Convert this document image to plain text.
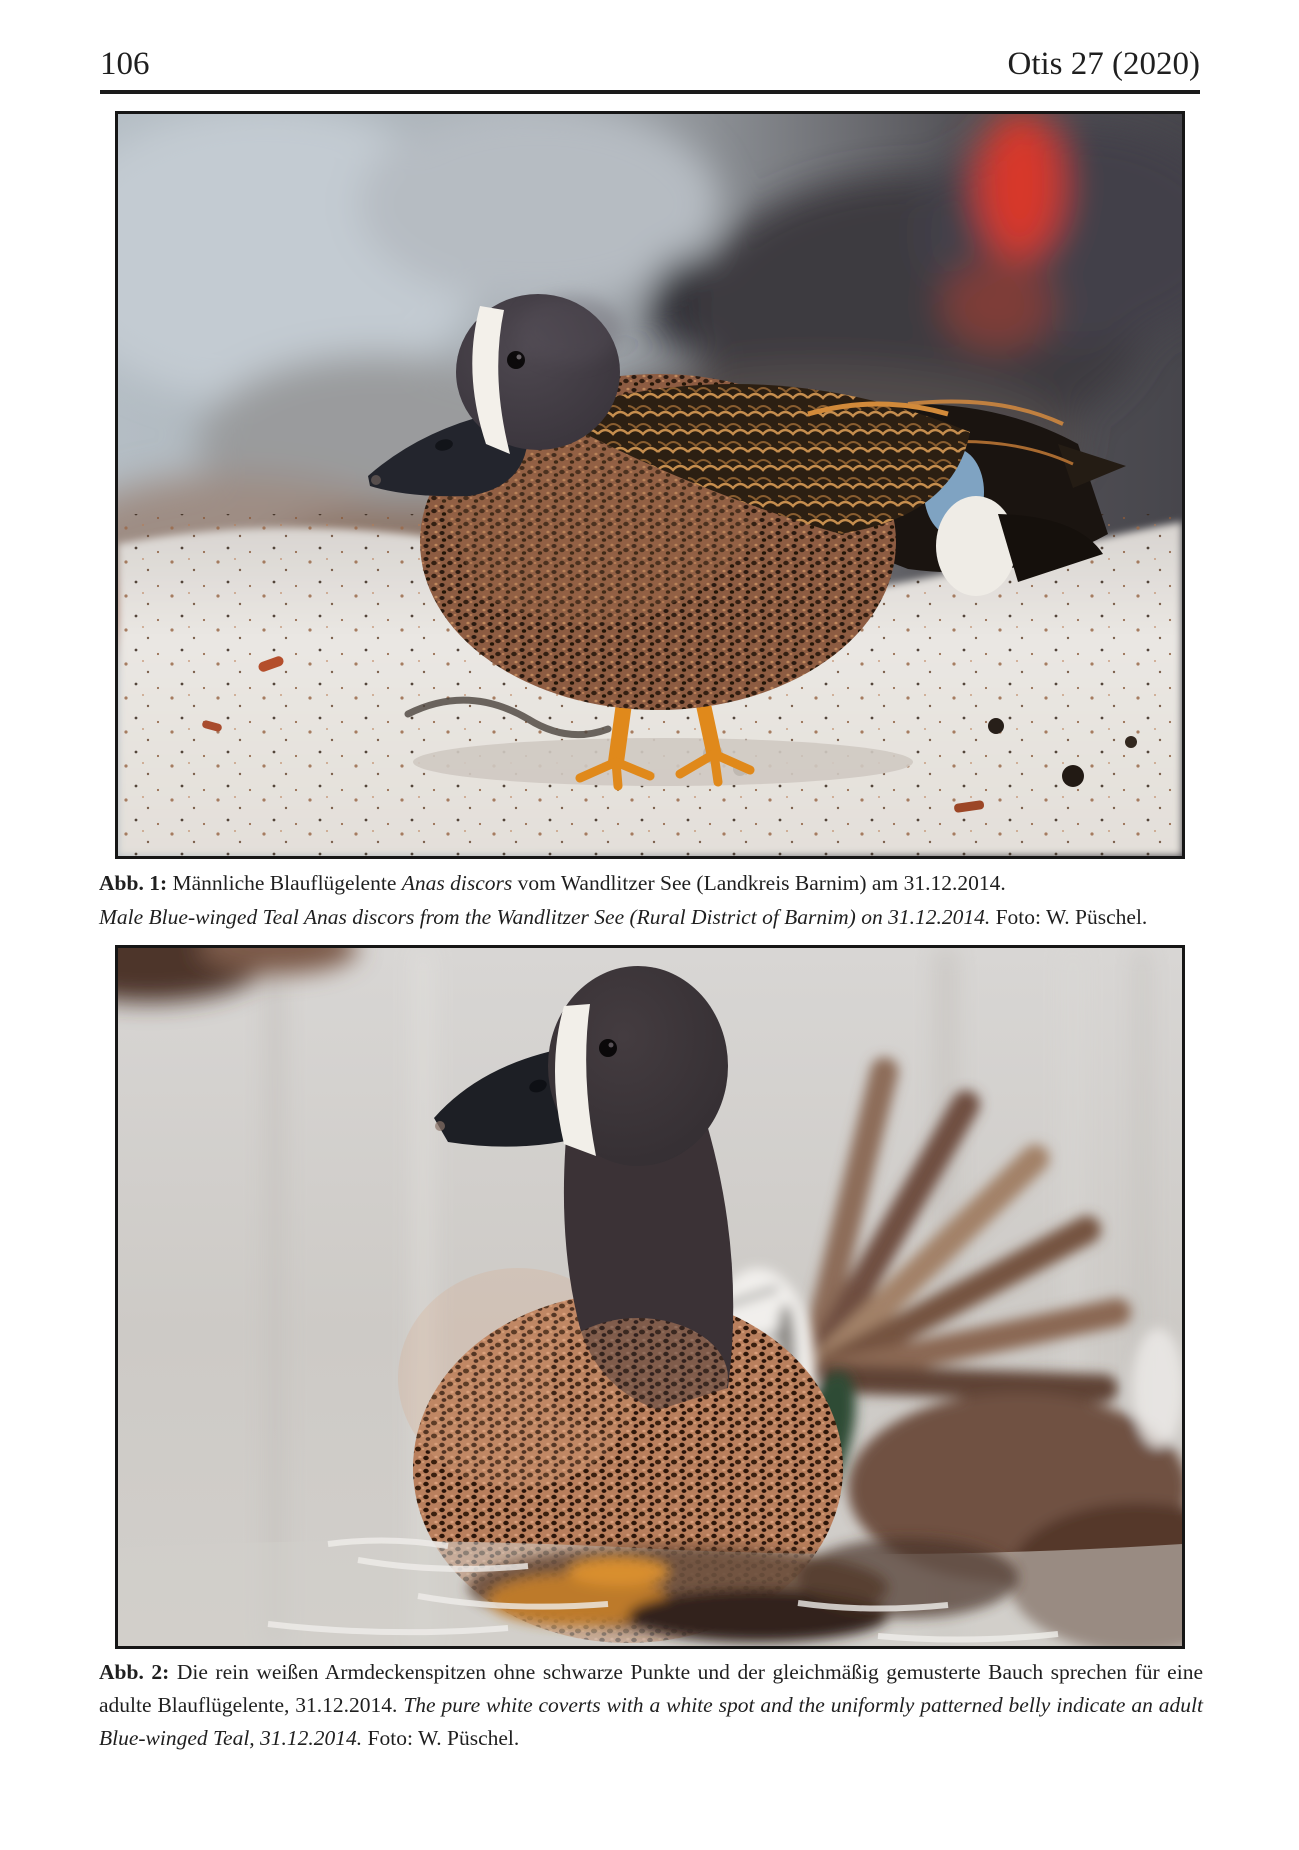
106	Otis 27 (2020)

Abb. 1: Männliche Blauflügelente Anas discors vom Wandlitzer See (Landkreis Barnim) am 31.12.2014.

Male Blue-winged Teal Anas discors from the Wandlitzer See (Rural District of Barnim) on 31.12.2014. Foto: W. Püschel.

Abb. 2: Die rein weißen Armdeckenspitzen ohne schwarze Punkte und der gleichmäßig gemusterte Bauch sprechen für eine adulte Blauflügelente, 31.12.2014. The pure white coverts with a white spot and the uniformly patterned belly indicate an adult Blue-winged Teal, 31.12.2014. Foto: W. Püschel.
